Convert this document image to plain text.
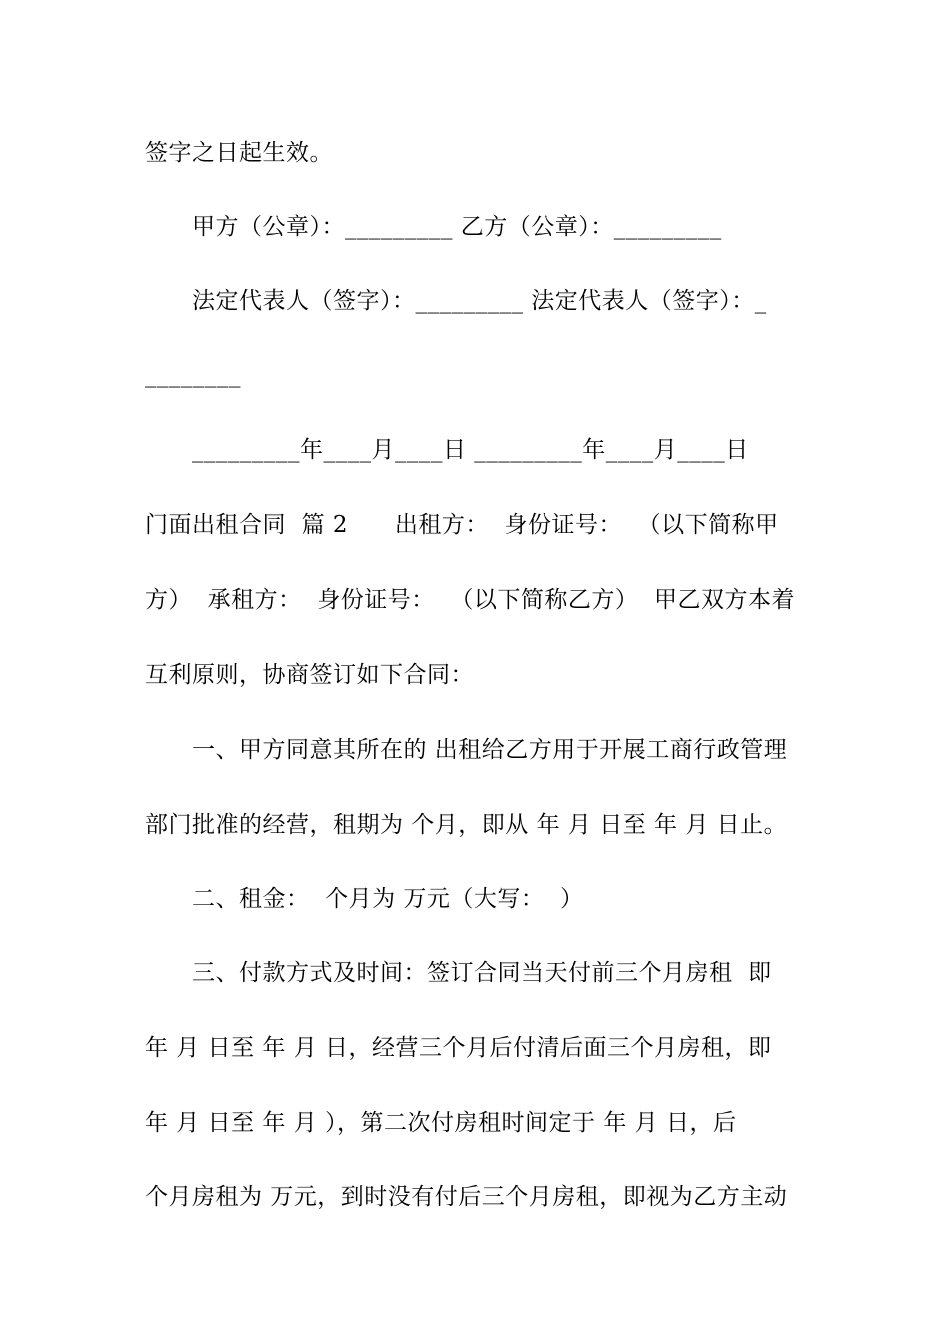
签字之日起生效。
甲方（公章）：_________ 乙方（公章）：_________
法定代表人（签字）：_________ 法定代表人（签字）：_
________
_________年____月____日 _________年____月____日
门面出租合同  篇 2      出租方：  身份证号：  （以下简称甲
方）  承租方：  身份证号：  （以下简称乙方）  甲乙双方本着
互利原则，协商签订如下合同：
一、甲方同意其所在的 出租给乙方用于开展工商行政管理
部门批准的经营，租期为 个月，即从 年 月 日至 年 月 日止。
二、租金：  个月为 万元（大写：  ）
三、付款方式及时间：签订合同当天付前三个月房租  即
年 月 日至 年 月 日，经营三个月后付清后面三个月房租，即
年 月 日至 年 月 ），第二次付房租时间定于 年 月 日，后
个月房租为 万元，到时没有付后三个月房租，即视为乙方主动
